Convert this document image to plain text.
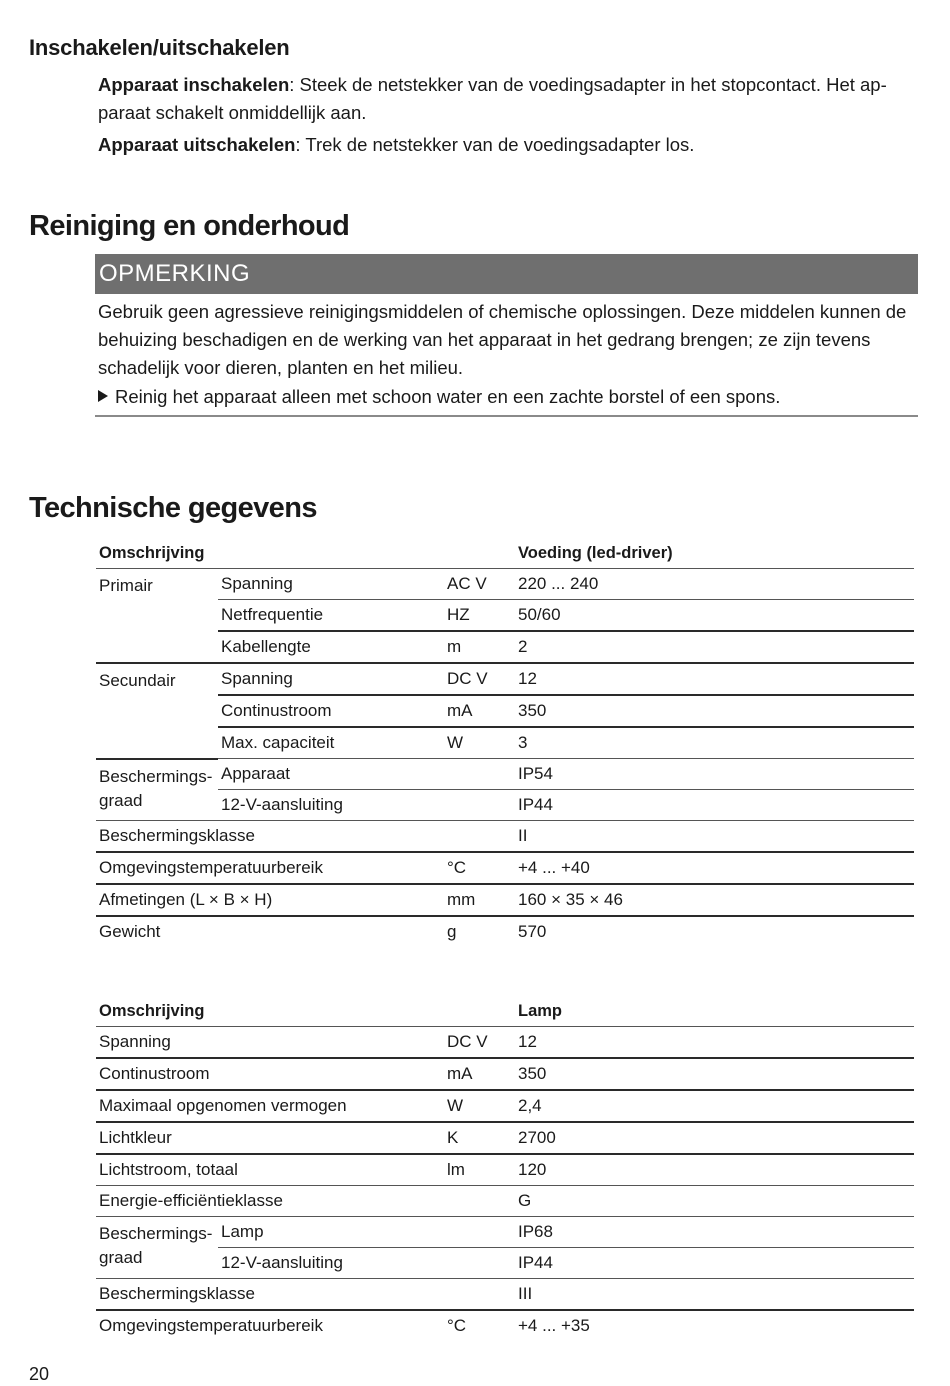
Inschakelen/uitschakelen
Apparaat inschakelen: Steek de netstekker van de voedingsadapter in het stopcontact. Het ap-
paraat schakelt onmiddellijk aan.
Apparaat uitschakelen: Trek de netstekker van de voedingsadapter los.
Reiniging en onderhoud
OPMERKING
Gebruik geen agressieve reinigingsmiddelen of chemische oplossingen. Deze middelen kunnen de
behuizing beschadigen en de werking van het apparaat in het gedrang brengen; ze zijn tevens
schadelijk voor dieren, planten en het milieu.
Reinig het apparaat alleen met schoon water en een zachte borstel of een spons.
Technische gegevens
Omschrijving			Voeding (led-driver)
Primair	Spanning	AC V	220 ... 240
	Netfrequentie	HZ	50/60
	Kabellengte	m	2
Secundair	Spanning	DC V	12
	Continustroom	mA	350
	Max. capaciteit	W	3
Beschermings-
graad	Apparaat		IP54
	12-V-aansluiting		IP44
Beschermingsklasse			II
Omgevingstemperatuurbereik		°C	+4 ... +40
Afmetingen (L × B × H)		mm	160 × 35 × 46
Gewicht		g	570
Omschrijving			Lamp
Spanning		DC V	12
Continustroom		mA	350
Maximaal opgenomen vermogen		W	2,4
Lichtkleur		K	2700
Lichtstroom, totaal		lm	120
Energie-efficiëntieklasse			G
Beschermings-
graad	Lamp		IP68
	12-V-aansluiting		IP44
Beschermingsklasse			III
Omgevingstemperatuurbereik		°C	+4 ... +35
20
